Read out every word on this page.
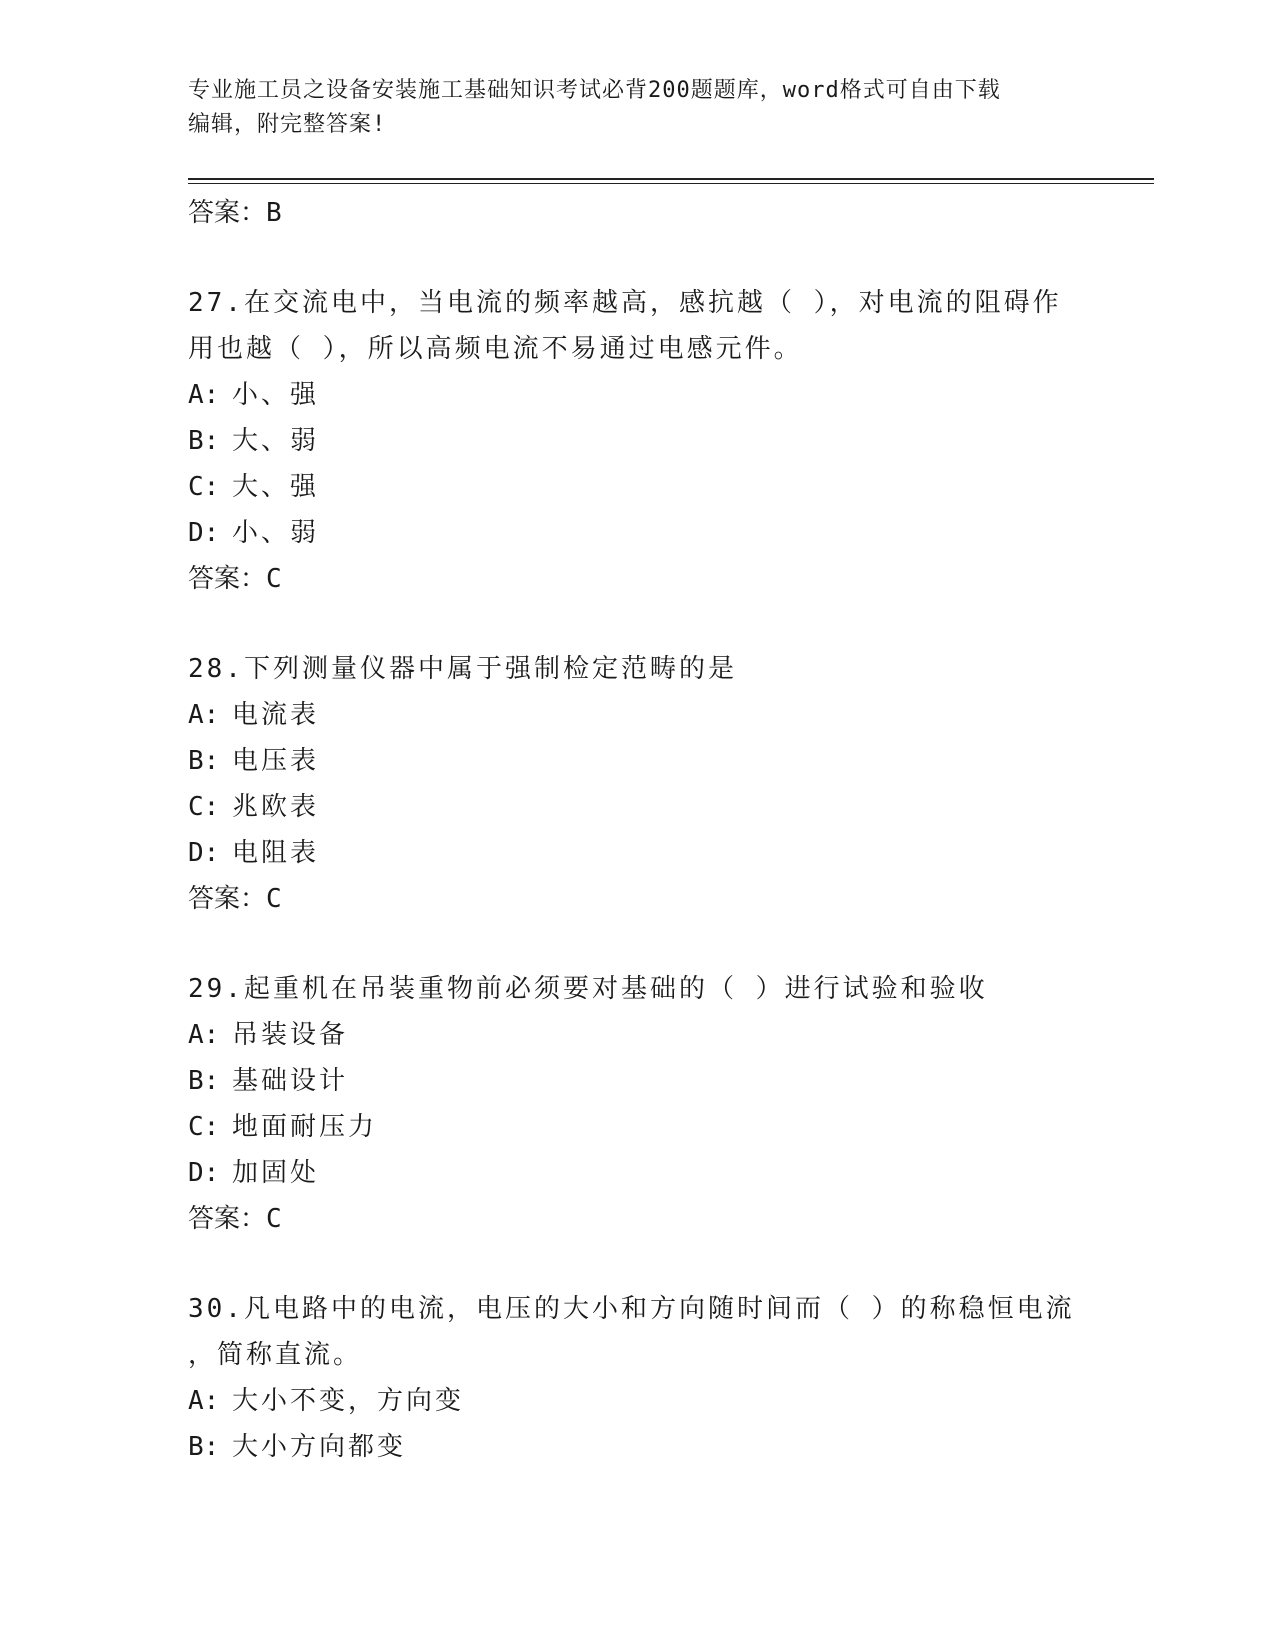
专业施工员之设备安装施工基础知识考试必背200题题库，word格式可自由下载
编辑，附完整答案!
答案：B
27.在交流电中，当电流的频率越高，感抗越（ ），对电流的阻碍作
用也越（ ），所以高频电流不易通过电感元件。
A: 小、强
B: 大、弱
C: 大、强
D: 小、弱
答案：C
28.下列测量仪器中属于强制检定范畴的是
A: 电流表
B: 电压表
C: 兆欧表
D: 电阻表
答案：C
29.起重机在吊装重物前必须要对基础的（ ）进行试验和验收
A: 吊装设备
B: 基础设计
C: 地面耐压力
D: 加固处
答案：C
30.凡电路中的电流，电压的大小和方向随时间而（ ）的称稳恒电流
，简称直流。
A: 大小不变，方向变
B: 大小方向都变
